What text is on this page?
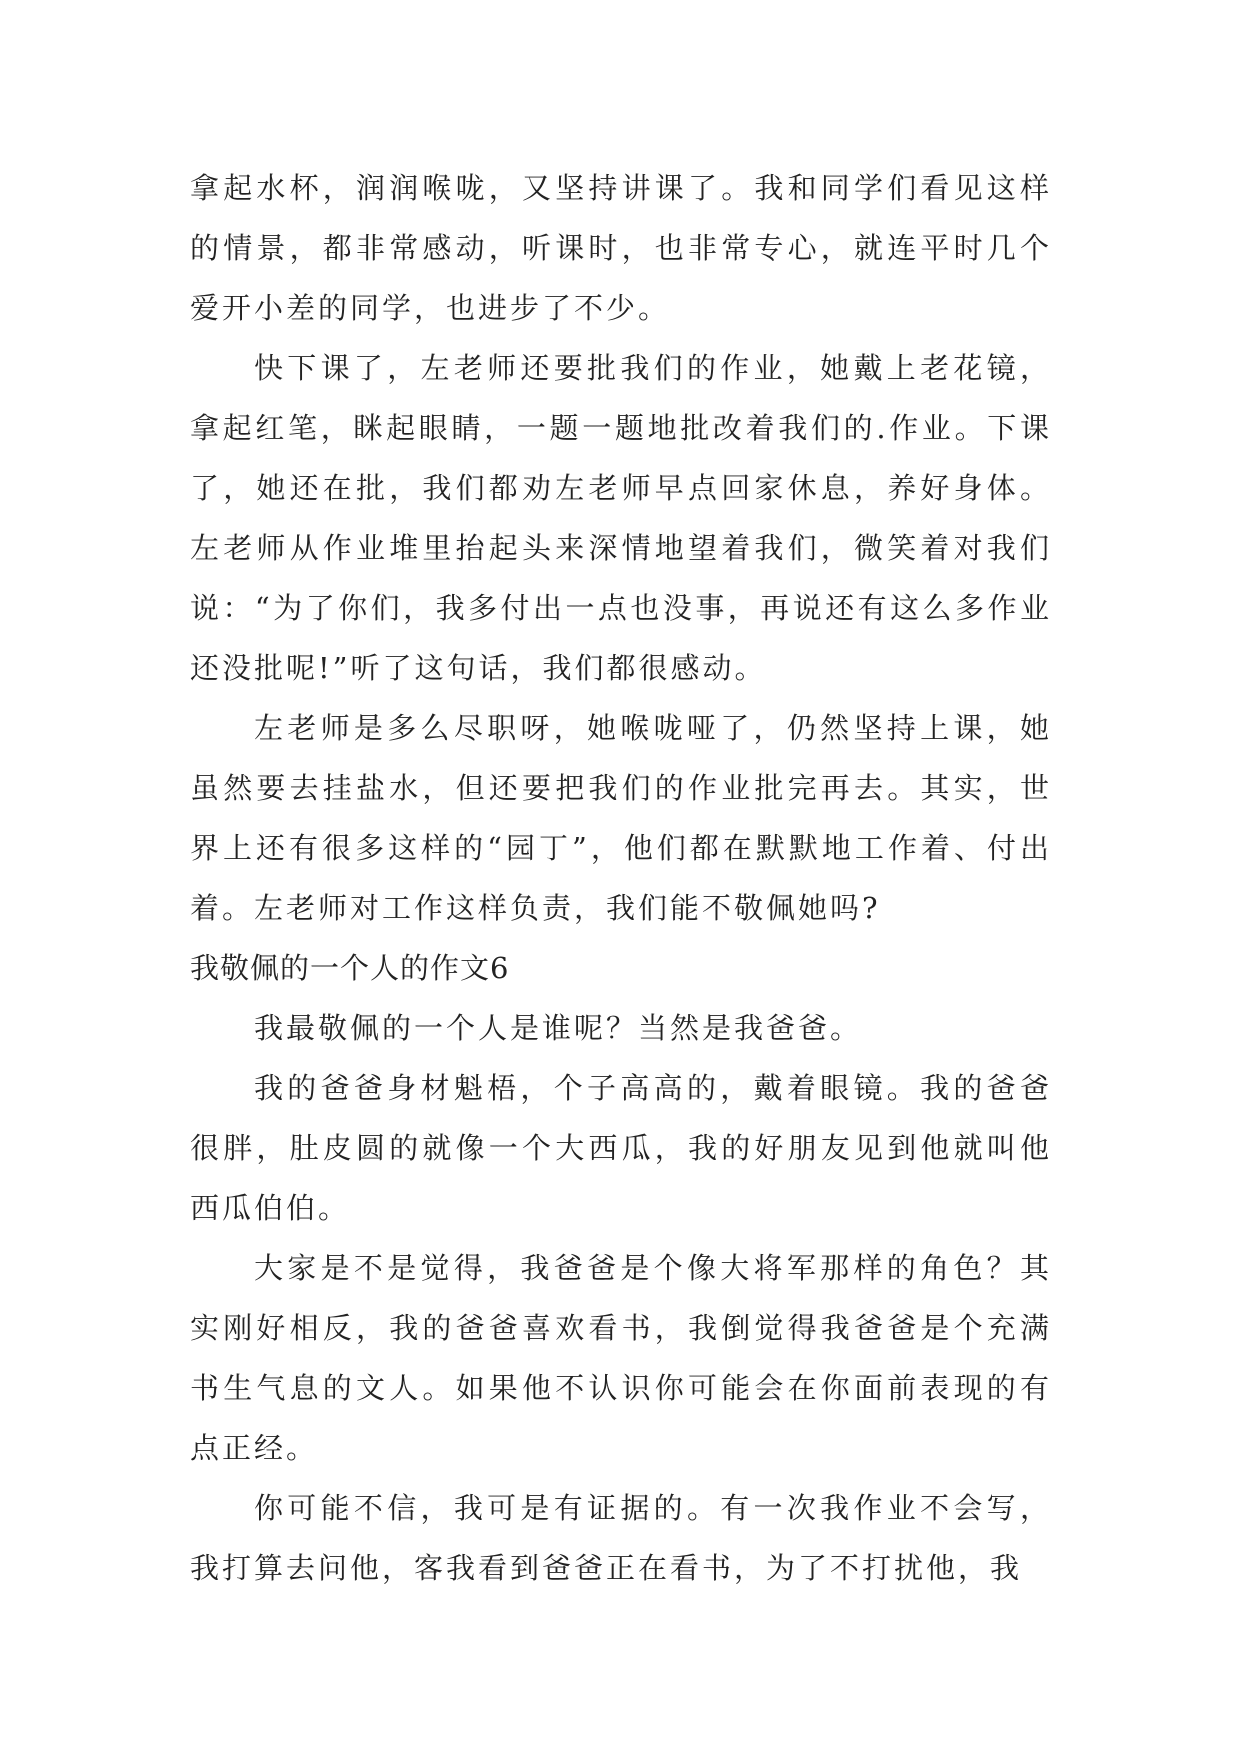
拿起水杯，润润喉咙，又坚持讲课了。我和同学们看见这样的情景，都非常感动，听课时，也非常专心，就连平时几个爱开小差的同学，也进步了不少。

快下课了，左老师还要批我们的作业，她戴上老花镜，拿起红笔，眯起眼睛，一题一题地批改着我们的.作业。下课了，她还在批，我们都劝左老师早点回家休息，养好身体。左老师从作业堆里抬起头来深情地望着我们，微笑着对我们说：“为了你们，我多付出一点也没事，再说还有这么多作业还没批呢!”听了这句话，我们都很感动。

左老师是多么尽职呀，她喉咙哑了，仍然坚持上课，她虽然要去挂盐水，但还要把我们的作业批完再去。其实，世界上还有很多这样的“园丁”，他们都在默默地工作着、付出着。左老师对工作这样负责，我们能不敬佩她吗?

我敬佩的一个人的作文6

我最敬佩的一个人是谁呢？当然是我爸爸。

我的爸爸身材魁梧，个子高高的，戴着眼镜。我的爸爸很胖，肚皮圆的就像一个大西瓜，我的好朋友见到他就叫他西瓜伯伯。

大家是不是觉得，我爸爸是个像大将军那样的角色？其实刚好相反，我的爸爸喜欢看书，我倒觉得我爸爸是个充满书生气息的文人。如果他不认识你可能会在你面前表现的有点正经。

你可能不信，我可是有证据的。有一次我作业不会写，我打算去问他，客我看到爸爸正在看书，为了不打扰他，我
